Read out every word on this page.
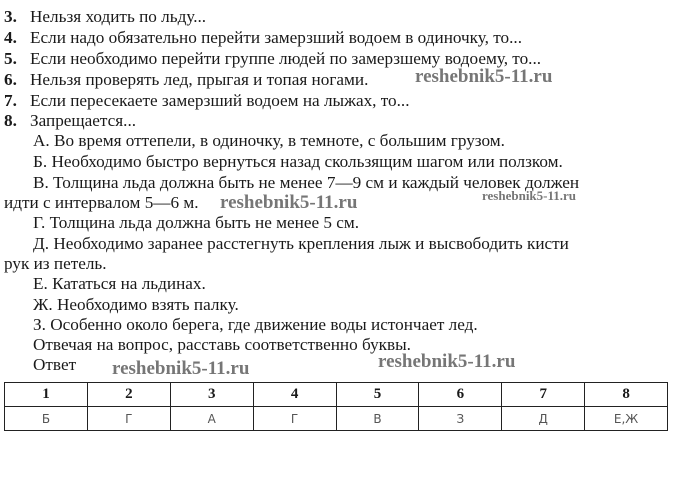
3. Нельзя ходить по льду...
4. Если надо обязательно перейти замерзший водоем в одиночку, то...
5. Если необходимо перейти группе людей по замерзшему водоему, то...
6. Нельзя проверять лед, прыгая и топая ногами.
7. Если пересекаете замерзший водоем на лыжах, то...
8. Запрещается...
А. Во время оттепели, в одиночку, в темноте, с большим грузом.
Б. Необходимо быстро вернуться назад скользящим шагом или ползком.
В. Толщина льда должна быть не менее 7—9 см и каждый человек должен
идти с интервалом 5—6 м.
Г. Толщина льда должна быть не менее 5 см.
Д. Необходимо заранее расстегнуть крепления лыж и высвободить кисти
рук из петель.
Е. Кататься на льдинах.
Ж. Необходимо взять палку.
З. Особенно около берега, где движение воды истончает лед.
Отвечая на вопрос, расставь соответственно буквы.
Ответ
reshebnik5-11.ru
reshebnik5-11.ru
reshebnik5-11.ru
reshebnik5-11.ru	reshebnik5-11.ru
1	2	3	4	5	6	7	8
Б	Г	А	Г	В	З	Д	Е,Ж
